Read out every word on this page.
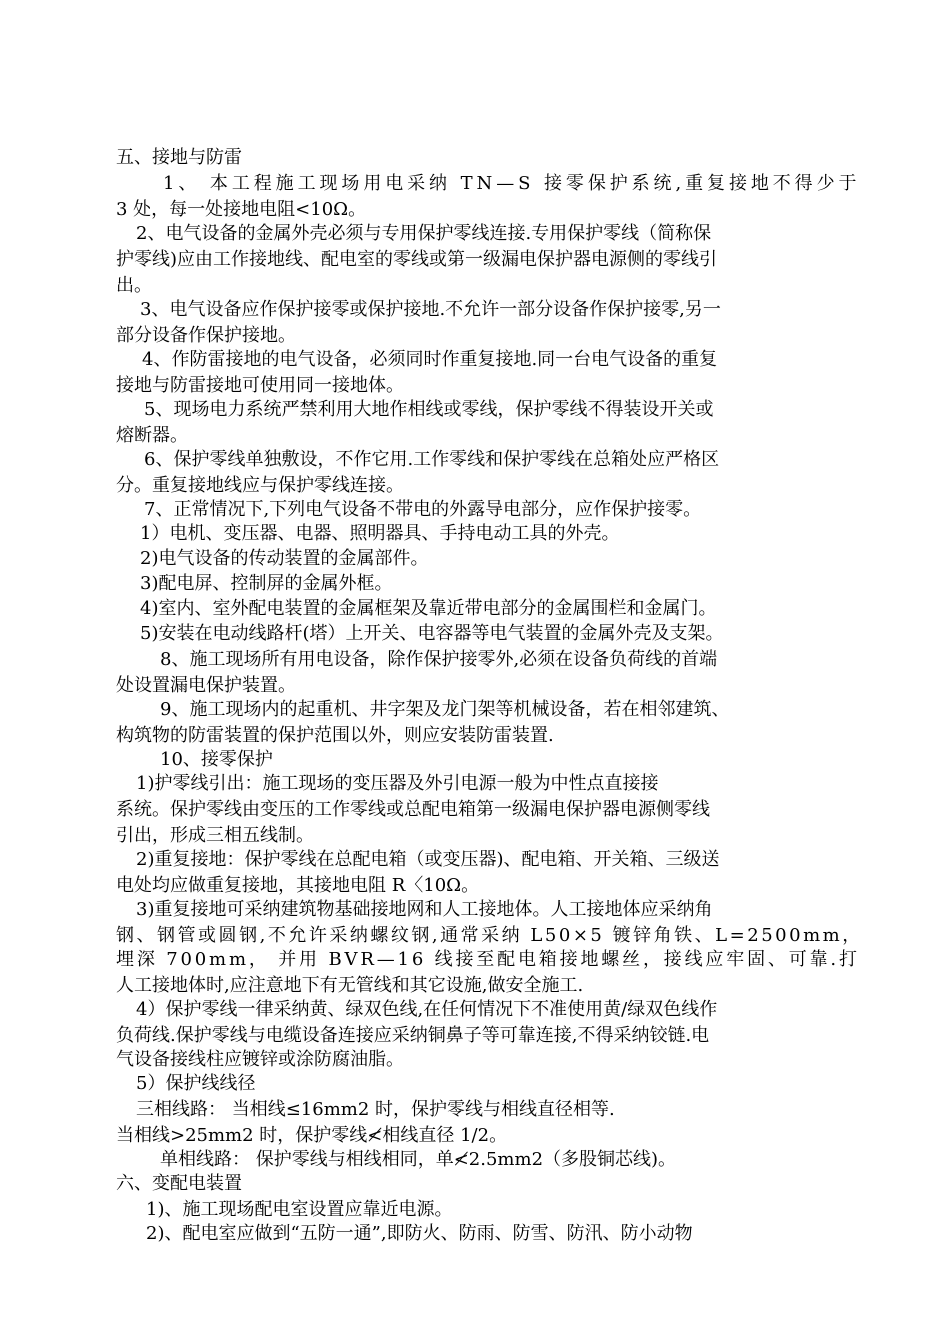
五、接地与防雷
1、 本工程施工现场用电采纳 TN—S 接零保护系统,重复接地不得少于
3 处，每一处接地电阻<10Ω。
2、电气设备的金属外壳必须与专用保护零线连接.专用保护零线（简称保
护零线)应由工作接地线、配电室的零线或第一级漏电保护器电源侧的零线引
出。
3、电气设备应作保护接零或保护接地.不允许一部分设备作保护接零,另一
部分设备作保护接地。
4、作防雷接地的电气设备，必须同时作重复接地.同一台电气设备的重复
接地与防雷接地可使用同一接地体。
5、现场电力系统严禁利用大地作相线或零线，保护零线不得装设开关或
熔断器。
6、保护零线单独敷设，不作它用.工作零线和保护零线在总箱处应严格区
分。重复接地线应与保护零线连接。
7、正常情况下,下列电气设备不带电的外露导电部分，应作保护接零。
1）电机、变压器、电器、照明器具、手持电动工具的外壳。
2)电气设备的传动装置的金属部件。
3)配电屏、控制屏的金属外框。
4)室内、室外配电装置的金属框架及靠近带电部分的金属围栏和金属门。
5)安装在电动线路杆(塔）上开关、电容器等电气装置的金属外壳及支架。
8、施工现场所有用电设备，除作保护接零外,必须在设备负荷线的首端
处设置漏电保护装置。
9、施工现场内的起重机、井字架及龙门架等机械设备，若在相邻建筑、
构筑物的防雷装置的保护范围以外，则应安装防雷装置.
10、接零保护
1)护零线引出：施工现场的变压器及外引电源一般为中性点直接接
系统。保护零线由变压的工作零线或总配电箱第一级漏电保护器电源侧零线
引出，形成三相五线制。
2)重复接地：保护零线在总配电箱（或变压器)、配电箱、开关箱、三级送
电处均应做重复接地，其接地电阻 R〈10Ω。
3)重复接地可采纳建筑物基础接地网和人工接地体。人工接地体应采纳角
钢、钢管或圆钢,不允许采纳螺纹钢,通常采纳 L50×5 镀锌角铁、L=2500mm，
埋深 700mm， 并用 BVR—16 线接至配电箱接地螺丝，接线应牢固、可靠.打
人工接地体时,应注意地下有无管线和其它设施,做安全施工.
4）保护零线一律采纳黄、绿双色线,在任何情况下不准使用黄/绿双色线作
负荷线.保护零线与电缆设备连接应采纳铜鼻子等可靠连接,不得采纳铰链.电
气设备接线柱应镀锌或涂防腐油脂。
5）保护线线径
三相线路： 当相线≤16mm2 时，保护零线与相线直径相等.
当相线>25mm2 时，保护零线≮相线直径 1/2。
单相线路： 保护零线与相线相同，单≮2.5mm2（多股铜芯线)。
六、变配电装置
1)、施工现场配电室设置应靠近电源。
2)、配电室应做到“五防一通”,即防火、防雨、防雪、防汛、防小动物
